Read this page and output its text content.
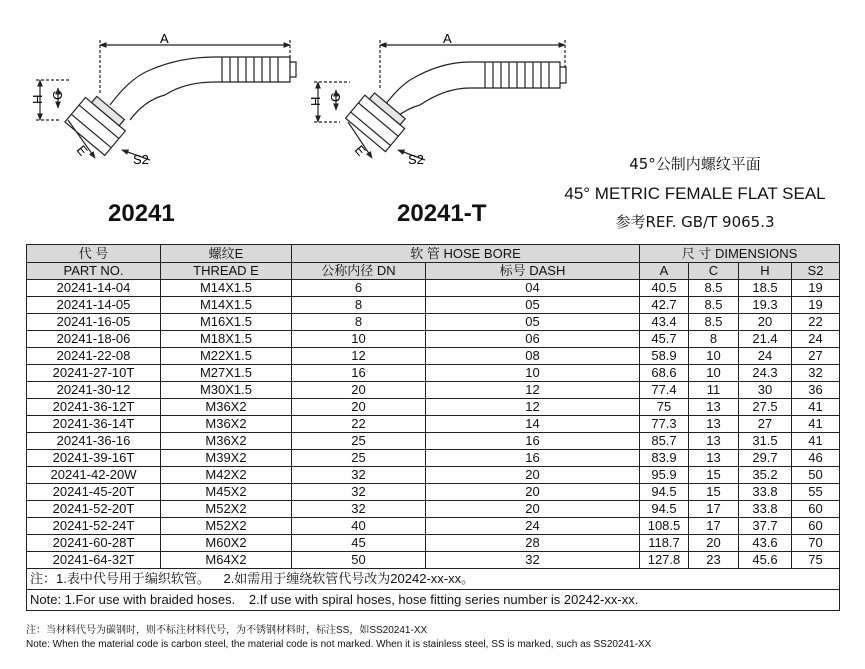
H C
A
E
S2
H C
A
E
S2
20241	20241-T
45°公制内螺纹平面
45° METRIC FEMALE FLAT SEAL
参考REF. GB/T 9065.3
代 号	螺纹E	软 管 HOSE BORE		尺 寸 DIMENSIONS			
PART NO.	THREAD E	公称内径 DN	标号 DASH	A	C	H	S2
20241-14-04	M14X1.5	6	04	40.5	8.5	18.5	19
20241-14-05	M14X1.5	8	05	42.7	8.5	19.3	19
20241-16-05	M16X1.5	8	05	43.4	8.5	20	22
20241-18-06	M18X1.5	10	06	45.7	8	21.4	24
20241-22-08	M22X1.5	12	08	58.9	10	24	27
20241-27-10T	M27X1.5	16	10	68.6	10	24.3	32
20241-30-12	M30X1.5	20	12	77.4	11	30	36
20241-36-12T	M36X2	20	12	75	13	27.5	41
20241-36-14T	M36X2	22	14	77.3	13	27	41
20241-36-16	M36X2	25	16	85.7	13	31.5	41
20241-39-16T	M39X2	25	16	83.9	13	29.7	46
20241-42-20W	M42X2	32	20	95.9	15	35.2	50
20241-45-20T	M45X2	32	20	94.5	15	33.8	55
20241-52-20T	M52X2	32	20	94.5	17	33.8	60
20241-52-24T	M52X2	40	24	108.5	17	37.7	60
20241-60-28T	M60X2	45	28	118.7	20	43.6	70
20241-64-32T	M64X2	50	32	127.8	23	45.6	75
注：1.表中代号用于编织软管。 2.如需用于缠绕软管代号改为20242-xx-xx。							
Note: 1.For use with braided hoses. 2.If use with spiral hoses, hose fitting series number is 20242-xx-xx.							
注：当材料代号为碳钢时，则不标注材料代号，为不锈钢材料时，标注SS，如SS20241-XX
Note: When the material code is carbon steel, the material code is not marked. When it is stainless steel, SS is marked, such as SS20241-XX
